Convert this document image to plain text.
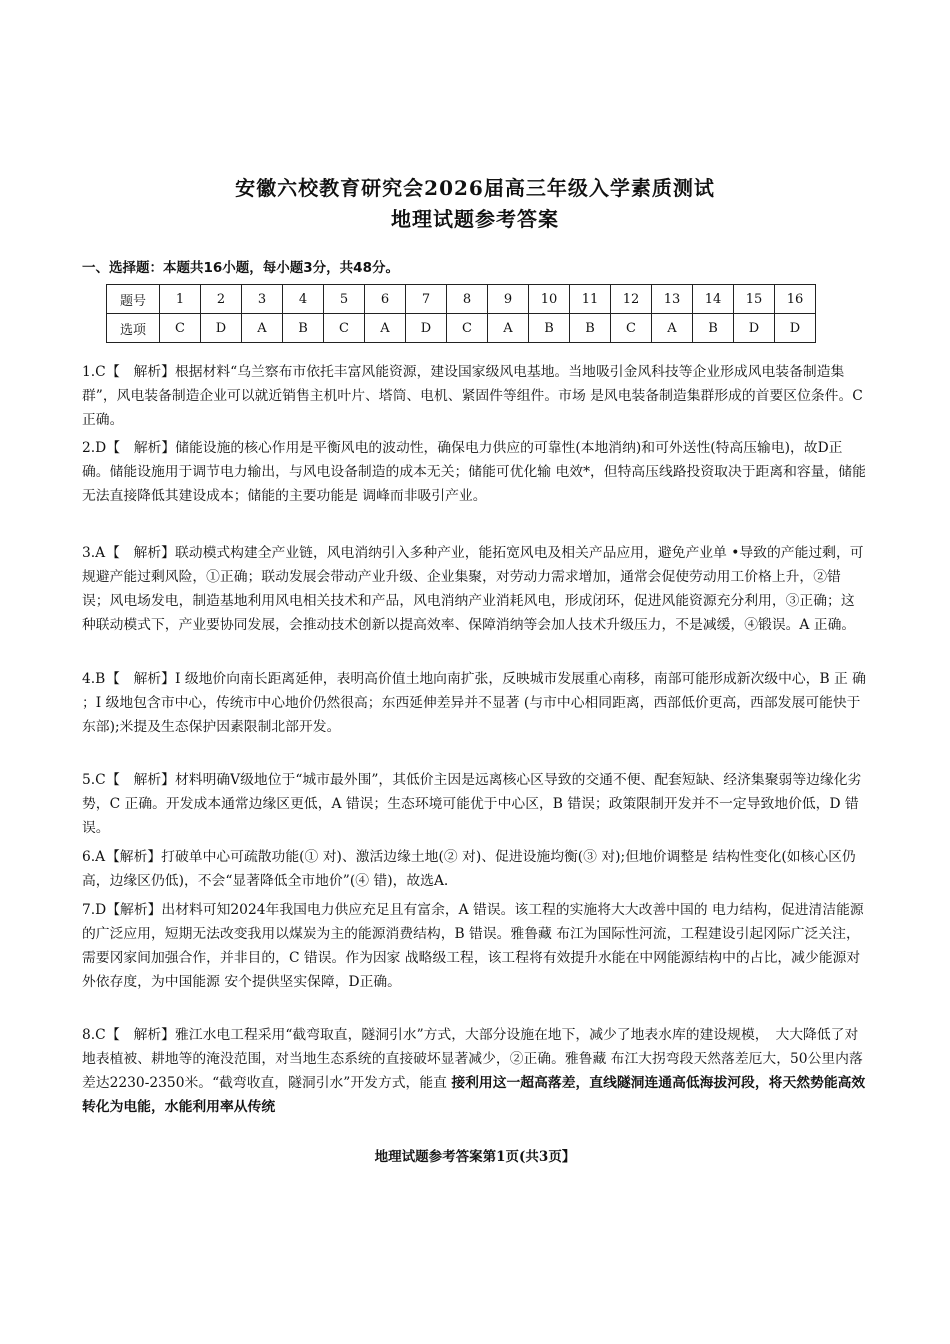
安徽六校教育研究会2026届高三年级入学素质测试
地理试题参考答案
一、选择题：本题共16小题，每小题3分，共48分。
题号	1	2	3	4	5	6	7	8	9	10	11	12	13	14	15	16
选项	C	D	A	B	C	A	D	C	A	B	B	C	A	B	D	D
1.C【　解析】根据材料“乌兰察布市依托丰富风能资源，建设国家级风电基地。当地吸引金风科技等企业形成风电装备制造集群”，风电装备制造企业可以就近销售主机叶片、塔筒、电机、紧固件等组件。市场 是风电装备制造集群形成的首要区位条件。C 正确。
2.D【　解析】储能设施的核心作用是平衡风电的波动性，确保电力供应的可靠性(本地消纳)和可外送性(特高压输电)，故D正确。储能设施用于调节电力输出，与风电设备制造的成本无关；储能可优化输 电效*，但特高压线路投资取决于距离和容量，储能无法直接降低其建设成本；储能的主要功能是 调峰而非吸引产业。
3.A【　解析】联动模式构建全产业链，风电消纳引入多种产业，能拓宽风电及相关产品应用，避免产业单 •导致的产能过剩，可规避产能过剩风险，①正确；联动发展会带动产业升级、企业集聚，对劳动力需求增加，通常会促使劳动用工价格上升，②错误；风电场发电，制造基地利用风电相关技术和产品，风电消纳产业消耗风电，形成闭环，促进风能资源充分利用，③正确；这种联动模式下，产业要协同发展，会推动技术创新以提高效率、保障消纳等会加人技术升级压力，不是减缓，④锻误。A 正确。
4.B【　解析】I 级地价向南长距离延伸，表明高价值土地向南扩张，反映城市发展重心南移，南部可能形成新次级中心，B 正 确 ；I 级地包含市中心，传统市中心地价仍然很高；东西延伸差异并不显著 (与市中心相同距离，西部低价更高，西部发展可能快于东部);米提及生态保护因素限制北部开发。
5.C【　解析】材料明确Ⅴ级地位于“城市最外围”，其低价主因是远离核心区导致的交通不便、配套短缺、经济集聚弱等边缘化劣势，C 正确。开发成本通常边缘区更低，A 错误；生态环境可能优于中心区，B 错误；政策限制开发并不一定导致地价低，D 错误。
6.A【解析】打破单中心可疏散功能(① 对)、激活边缘土地(② 对)、促进设施均衡(③ 对);但地价调整是 结构性变化(如核心区仍高，边缘区仍低)，不会“显著降低全市地价”(④ 错)，故选A.
7.D【解析】出材料可知2024年我国电力供应充足且有富余，A 错误。该工程的实施将大大改善中国的 电力结构，促进清洁能源的广泛应用，短期无法改变我用以煤炭为主的能源消费结构，B 错误。雅鲁藏 布江为国际性河流，工程建设引起冈际广泛关注，需要冈家间加强合作，并非目的，C 错误。作为因家 战略级工程，该工程将有效提升水能在中网能源结构中的占比，减少能源对外依存度，为中国能源 安个提供坚实保障，D正确。
8.C【　解析】雅江水电工程采用“截弯取直，隧洞引水”方式，大部分设施在地下，减少了地表水库的建设规模，　大大降低了对地表植被、耕地等的淹没范围，对当地生态系统的直接破坏显著减少，②正确。雅鲁藏 布江大拐弯段天然落差厄大，50公里内落差达2230-2350米。“截弯收直，隧洞引水”开发方式，能直 接利用这一超高落差，直线隧洞连通高低海拔河段，将天然势能高效转化为电能，水能利用率从传统
地理试题参考答案第1页(共3页】
